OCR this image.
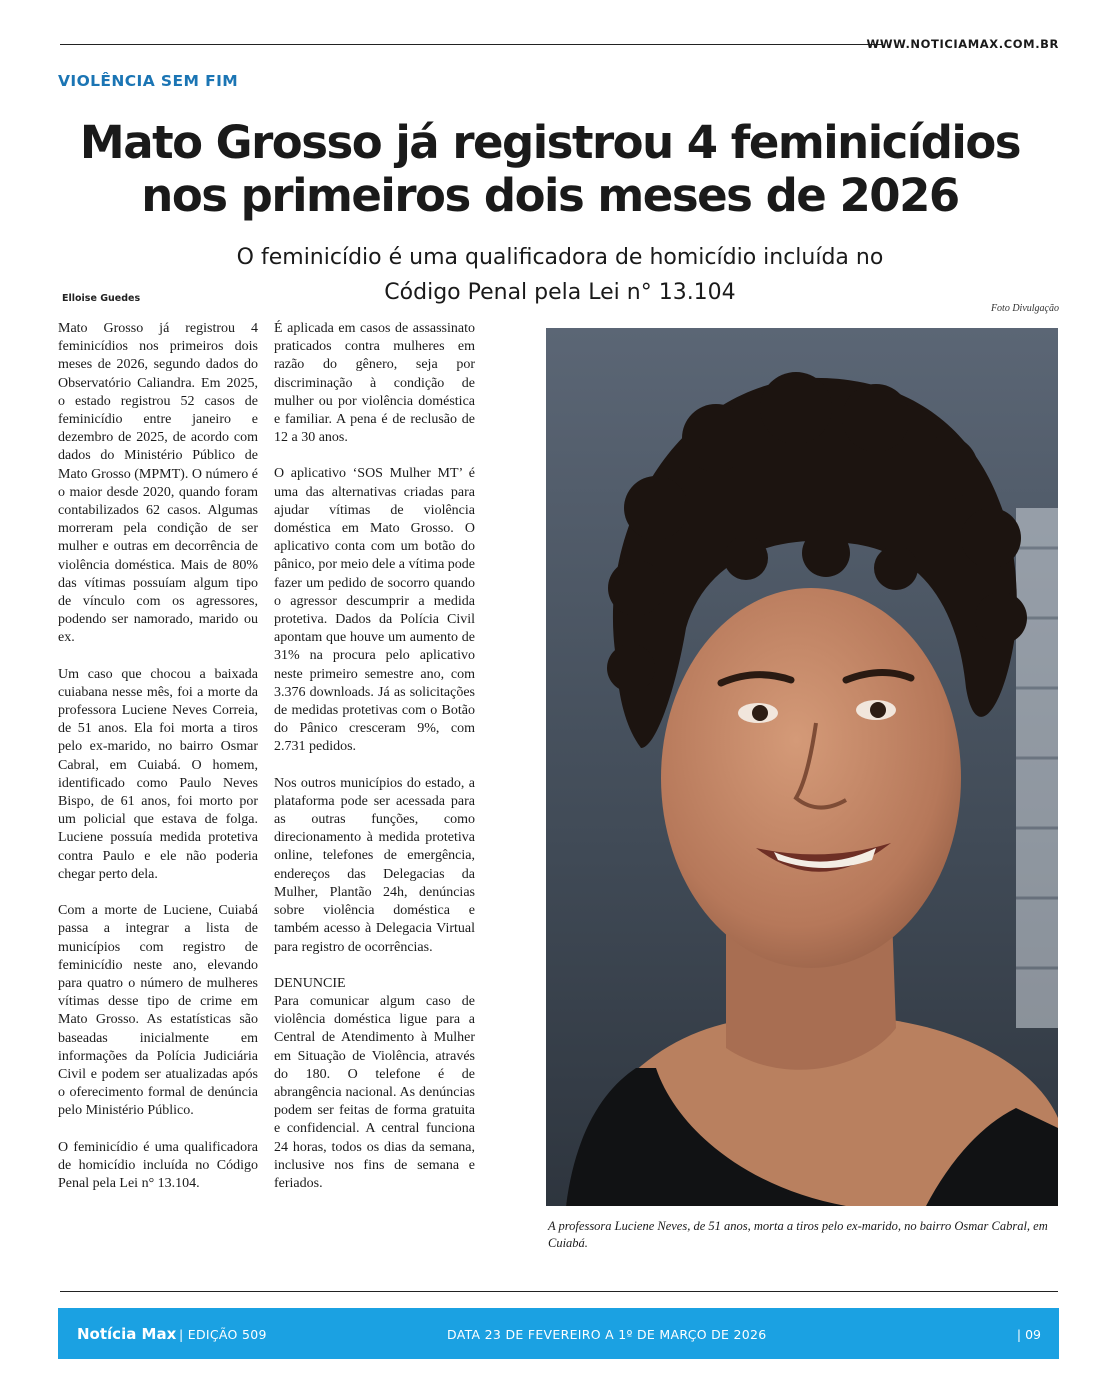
WWW.NOTICIAMAX.COM.BR
VIOLÊNCIA SEM FIM
Mato Grosso já registrou 4 feminicídios
nos primeiros dois meses de 2026
O feminicídio é uma qualificadora de homicídio incluída no
Código Penal pela Lei n° 13.104
Elloise Guedes
Foto Divulgação

Mato Grosso já registrou 4 feminicídios nos primeiros dois meses de 2026, segundo dados do Observatório Caliandra. Em 2025, o estado registrou 52 casos de feminicídio entre janeiro e dezembro de 2025, de acordo com dados do Ministério Público de Mato Grosso (MPMT). O número é o maior desde 2020, quando foram contabilizados 62 casos. Algumas morreram pela condição de ser mulher e outras em decorrência de violência doméstica. Mais de 80% das vítimas possuíam algum tipo de vínculo com os agressores, podendo ser namorado, marido ou ex.

Um caso que chocou a baixada cuiabana nesse mês, foi a morte da professora Luciene Neves Correia, de 51 anos. Ela foi morta a tiros pelo ex-marido, no bairro Osmar Cabral, em Cuiabá. O homem, identificado como Paulo Neves Bispo, de 61 anos, foi morto por um policial que estava de folga. Luciene possuía medida protetiva contra Paulo e ele não poderia chegar perto dela.

Com a morte de Luciene, Cuiabá passa a integrar a lista de municípios com registro de feminicídio neste ano, elevando para quatro o número de mulheres vítimas desse tipo de crime em Mato Grosso. As estatísticas são baseadas inicialmente em informações da Polícia Judiciária Civil e podem ser atualizadas após o oferecimento formal de denúncia pelo Ministério Público.

O feminicídio é uma qualificadora de homicídio incluída no Código Penal pela Lei n° 13.104.

É aplicada em casos de assassinato praticados contra mulheres em razão do gênero, seja por discriminação à condição de mulher ou por violência doméstica e familiar. A pena é de reclusão de 12 a 30 anos.

O aplicativo ‘SOS Mulher MT’ é uma das alternativas criadas para ajudar vítimas de violência doméstica em Mato Grosso. O aplicativo conta com um botão do pânico, por meio dele a vítima pode fazer um pedido de socorro quando o agressor descumprir a medida protetiva. Dados da Polícia Civil apontam que houve um aumento de 31% na procura pelo aplicativo neste primeiro semestre ano, com 3.376 downloads. Já as solicitações de medidas protetivas com o Botão do Pânico cresceram 9%, com 2.731 pedidos.

Nos outros municípios do estado, a plataforma pode ser acessada para as outras funções, como direcionamento à medida protetiva online, telefones de emergência, endereços das Delegacias da Mulher, Plantão 24h, denúncias sobre violência doméstica e também acesso à Delegacia Virtual para registro de ocorrências.

DENUNCIE
Para comunicar algum caso de violência doméstica ligue para a Central de Atendimento à Mulher em Situação de Violência, através do 180. O telefone é de abrangência nacional. As denúncias podem ser feitas de forma gratuita e confidencial. A central funciona 24 horas, todos os dias da semana, inclusive nos fins de semana e feriados.

A professora Luciene Neves, de 51 anos, morta a tiros pelo ex-marido, no bairro Osmar Cabral, em Cuiabá.
Notícia Max | EDIÇÃO 509	DATA 23 DE FEVEREIRO A 1º DE MARÇO DE 2026	| 09
